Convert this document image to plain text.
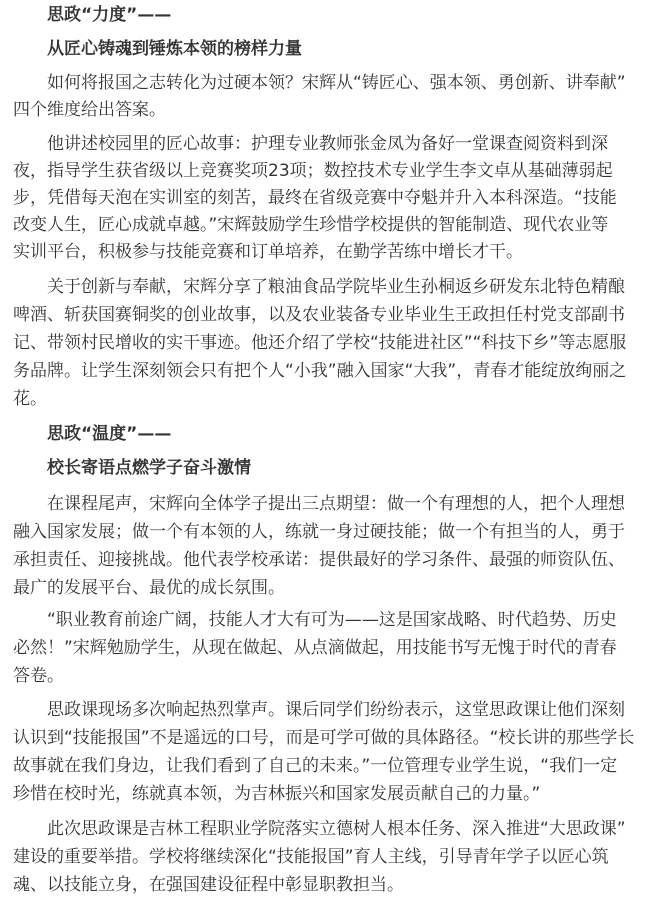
　　思政“力度”——
　　从匠心铸魂到锤炼本领的榜样力量
　　如何将报国之志转化为过硬本领？宋辉从“铸匠心、强本领、勇创新、讲奉献”
四个维度给出答案。
　　他讲述校园里的匠心故事：护理专业教师张金凤为备好一堂课查阅资料到深
夜，指导学生获省级以上竞赛奖项23项；数控技术专业学生李文卓从基础薄弱起
步，凭借每天泡在实训室的刻苦，最终在省级竞赛中夺魁并升入本科深造。“技能
改变人生，匠心成就卓越。”宋辉鼓励学生珍惜学校提供的智能制造、现代农业等
实训平台，积极参与技能竞赛和订单培养，在勤学苦练中增长才干。
　　关于创新与奉献，宋辉分享了粮油食品学院毕业生孙桐返乡研发东北特色精酿
啤酒、斩获国赛铜奖的创业故事，以及农业装备专业毕业生王政担任村党支部副书
记、带领村民增收的实干事迹。他还介绍了学校“技能进社区”“科技下乡”等志愿服
务品牌。让学生深刻领会只有把个人“小我”融入国家“大我”，青春才能绽放绚丽之
花。
　　思政“温度”——
　　校长寄语点燃学子奋斗激情
　　在课程尾声，宋辉向全体学子提出三点期望：做一个有理想的人，把个人理想
融入国家发展；做一个有本领的人，练就一身过硬技能；做一个有担当的人，勇于
承担责任、迎接挑战。他代表学校承诺：提供最好的学习条件、最强的师资队伍、
最广的发展平台、最优的成长氛围。
　　“职业教育前途广阔，技能人才大有可为——这是国家战略、时代趋势、历史
必然！”宋辉勉励学生，从现在做起、从点滴做起，用技能书写无愧于时代的青春
答卷。
　　思政课现场多次响起热烈掌声。课后同学们纷纷表示，这堂思政课让他们深刻
认识到“技能报国”不是遥远的口号，而是可学可做的具体路径。“校长讲的那些学长
故事就在我们身边，让我们看到了自己的未来。”一位管理专业学生说，“我们一定
珍惜在校时光，练就真本领，为吉林振兴和国家发展贡献自己的力量。”
　　此次思政课是吉林工程职业学院落实立德树人根本任务、深入推进“大思政课”
建设的重要举措。学校将继续深化“技能报国”育人主线，引导青年学子以匠心筑
魂、以技能立身，在强国建设征程中彰显职教担当。
